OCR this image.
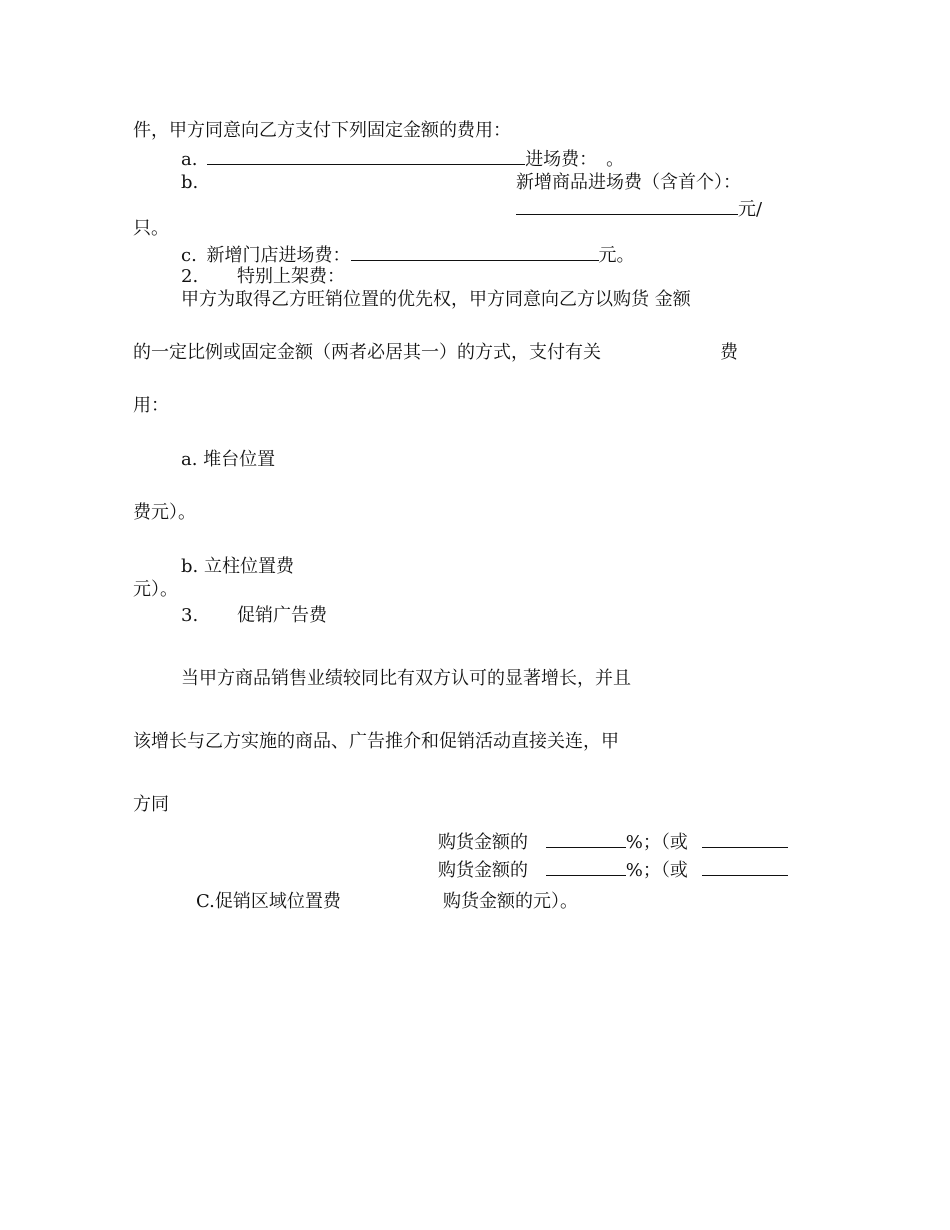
件，甲方同意向乙方支付下列固定金额的费用：
a.	进场费：　。
b.	新增商品进场费（含首个）：
元/
只。
c. 新增门店进场费：	元。
2. 特别上架费：
甲方为取得乙方旺销位置的优先权，甲方同意向乙方以购货 金额
的一定比例或固定金额（两者必居其一）的方式，支付有关	费
用：
a. 堆台位置
费元）。
b. 立柱位置费
元）。
3. 促销广告费
当甲方商品销售业绩较同比有双方认可的显著增长，并且
该增长与乙方实施的商品、广告推介和促销活动直接关连，甲
方同
购货金额的	%；（或
购货金额的	%；（或
C.促销区域位置费	购货金额的元）。
